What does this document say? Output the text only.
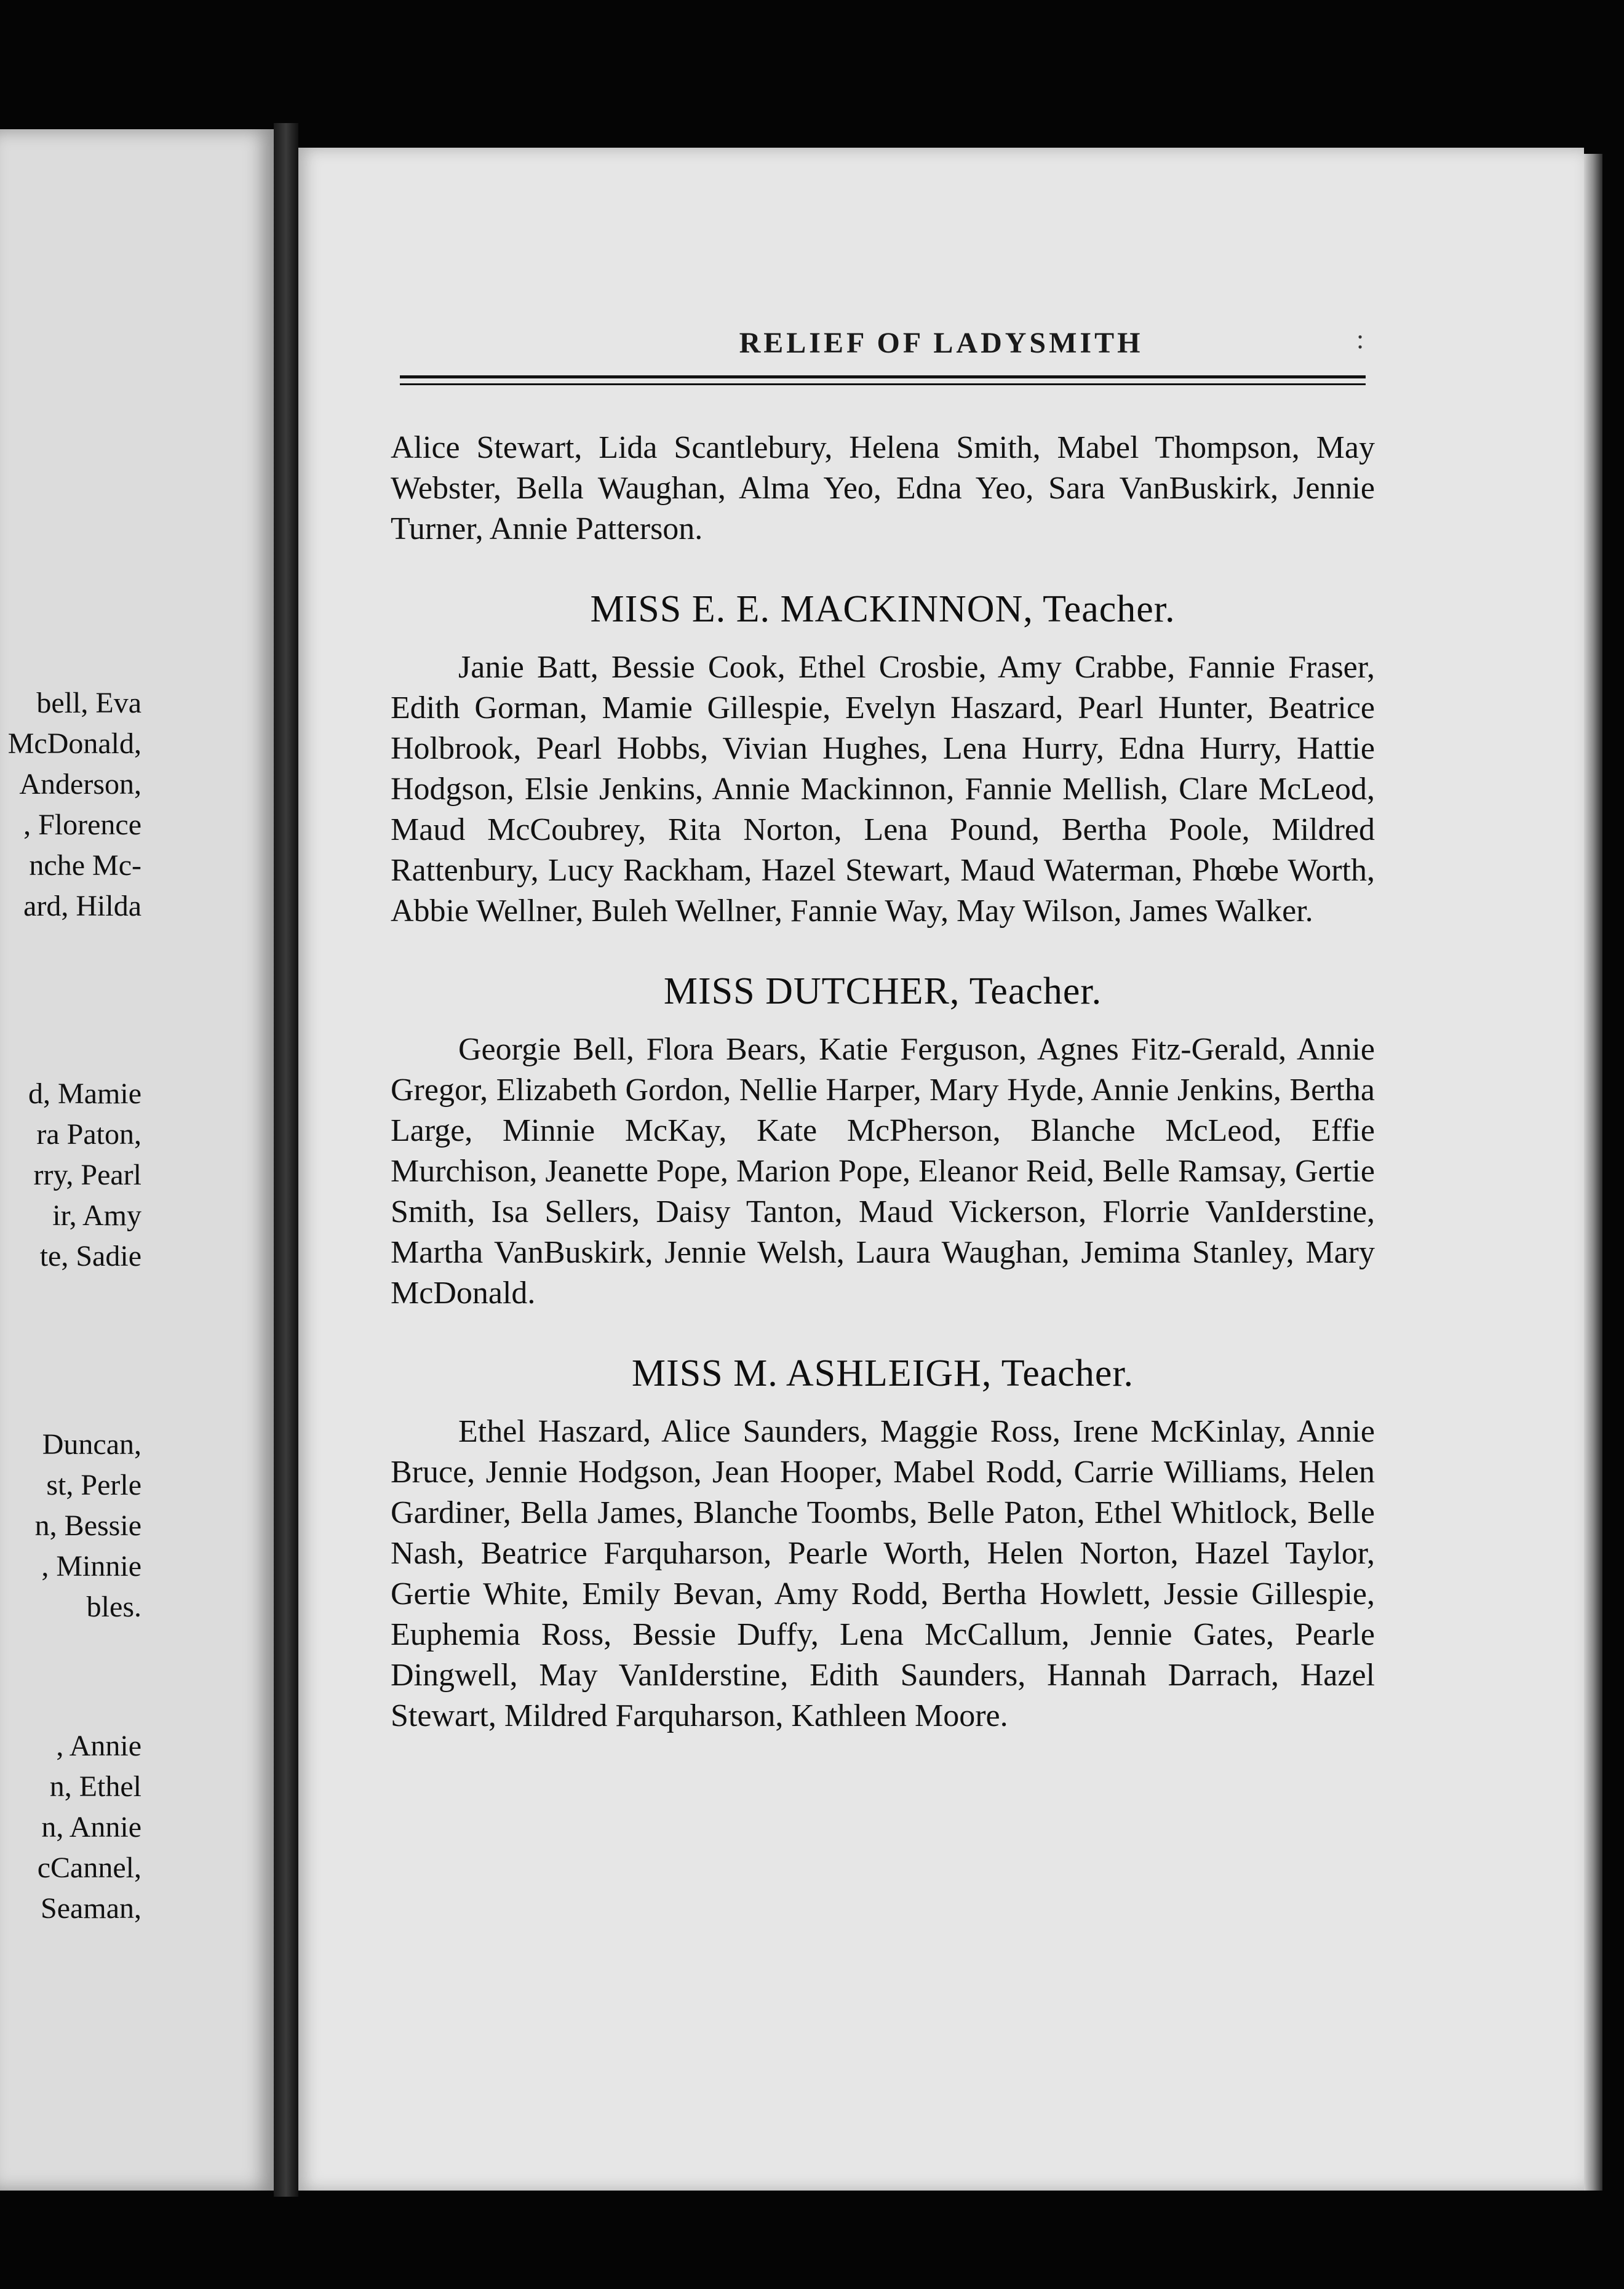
bell, Eva
McDonald,
Anderson,
, Florence
nche Mc-
ard, Hilda
d, Mamie
ra Paton,
rry, Pearl
ir, Amy
te, Sadie
Duncan,
st, Perle
n, Bessie
, Minnie
bles.
, Annie
n, Ethel
n, Annie
cCannel,
Seaman,
RELIEF OF LADYSMITH	:

Alice Stewart, Lida Scantlebury, Helena Smith, Mabel Thompson, May Webster, Bella Waughan, Alma Yeo, Edna Yeo, Sara VanBuskirk, Jennie Turner, Annie Patterson.

MISS E. E. MACKINNON, Teacher.

Janie Batt, Bessie Cook, Ethel Crosbie, Amy Crabbe, Fannie Fraser, Edith Gorman, Mamie Gillespie, Evelyn Haszard, Pearl Hunter, Beatrice Holbrook, Pearl Hobbs, Vivian Hughes, Lena Hurry, Edna Hurry, Hattie Hodgson, Elsie Jenkins, Annie Mackinnon, Fannie Mellish, Clare McLeod, Maud McCoubrey, Rita Norton, Lena Pound, Bertha Poole, Mildred Rattenbury, Lucy Rackham, Hazel Stewart, Maud Waterman, Phœbe Worth, Abbie Wellner, Buleh Wellner, Fannie Way, May Wilson, James Walker.

MISS DUTCHER, Teacher.

Georgie Bell, Flora Bears, Katie Ferguson, Agnes Fitz-Gerald, Annie Gregor, Elizabeth Gordon, Nellie Harper, Mary Hyde, Annie Jenkins, Bertha Large, Minnie McKay, Kate McPherson, Blanche McLeod, Effie Murchison, Jeanette Pope, Marion Pope, Eleanor Reid, Belle Ramsay, Gertie Smith, Isa Sellers, Daisy Tanton, Maud Vickerson, Florrie VanIderstine, Martha VanBuskirk, Jennie Welsh, Laura Waughan, Jemima Stanley, Mary McDonald.

MISS M. ASHLEIGH, Teacher.

Ethel Haszard, Alice Saunders, Maggie Ross, Irene McKinlay, Annie Bruce, Jennie Hodgson, Jean Hooper, Mabel Rodd, Carrie Williams, Helen Gardiner, Bella James, Blanche Toombs, Belle Paton, Ethel Whitlock, Belle Nash, Beatrice Farquharson, Pearle Worth, Helen Norton, Hazel Taylor, Gertie White, Emily Bevan, Amy Rodd, Bertha Howlett, Jessie Gillespie, Euphemia Ross, Bessie Duffy, Lena McCallum, Jennie Gates, Pearle Dingwell, May VanIderstine, Edith Saunders, Hannah Darrach, Hazel Stewart, Mildred Farquharson, Kathleen Moore.
